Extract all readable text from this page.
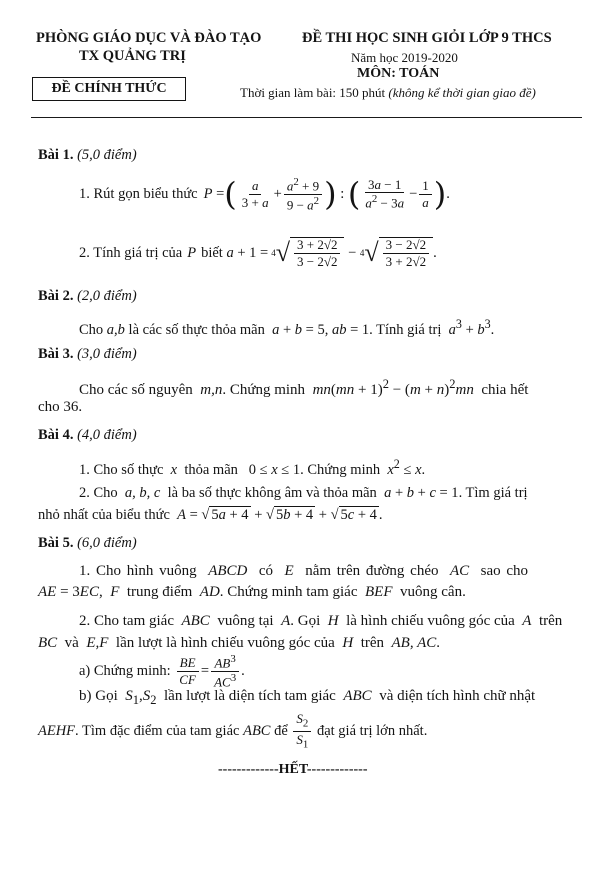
PHÒNG GIÁO DỤC VÀ ĐÀO TẠO
TX QUẢNG TRỊ
ĐỀ CHÍNH THỨC
ĐỀ THI HỌC SINH GIỎI LỚP 9 THCS
Năm học 2019-2020
MÔN: TOÁN
Thời gian làm bài: 150 phút (không kể thời gian giao đề)
Bài 1. (5,0 điểm)
1. Rút gọn biểu thức P = ( $\frac{a}{3 + a} + \frac{a^2 + 9}{9 - a^2}$ ) : ( $\frac{3a - 1}{a^2 - 3a} - \frac{1}{a}$ ) .
2. Tính giá trị của P biết
a + 1 = 4 √ $\frac{3 + 2√2}{3 - 2√2} - 4$ √ $\frac{3 - 2√2}{3 + 2√2}$ .
Bài 2. (2,0 điểm)
Cho a,b là các số thực thỏa mãn a + b = 5, ab = 1. Tính giá trị $a^3 + b^3$.
Bài 3. (3,0 điểm)
Cho các số nguyên m,n. Chứng minh $mn(mn + 1)^2 - (m + n)^2mn$ chia hết
cho 36.
Bài 4. (4,0 điểm)
1. Cho số thực x thỏa mãn   0 ≤ x ≤ 1. Chứng minh $x^2 \le x$.
2. Cho a, b, c là ba số thực không âm và thỏa mãn a + b + c = 1. Tìm giá trị
nhỏ nhất của biểu thức A = √ 5a + 4 + √ 5b + 4 + √ 5c + 4 .
Bài 5. (6,0 điểm)
1. Cho hình vuông ABCD có E nằm trên đường chéo AC sao cho
AE = 3EC, F trung điểm AD. Chứng minh tam giác BEF vuông cân.
2. Cho tam giác ABC vuông tại A. Gọi H là hình chiếu vuông góc của A trên
BC và E,F lần lượt là hình chiếu vuông góc của H trên AB, AC.
a) Chứng minh:
$\frac{BE}{CF} = \frac{AB^3}{AC^3}$ .
b) Gọi $S_1,S_2$ lần lượt là diện tích tam giác ABC và diện tích hình chữ nhật
AEHF . Tìm đặc điểm của tam giác
ABC
để
$\frac{S_2}{S_1}$
đạt giá trị lớn nhất.
-------------HẾT-------------
